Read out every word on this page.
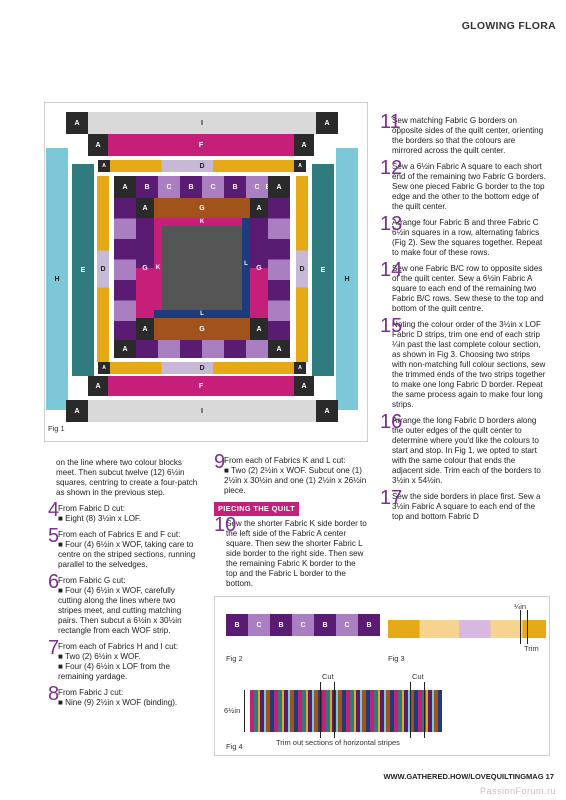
GLOWING FLORA
Fig 1
A	I	A
A	F	A
A	D	A
H
E	D	D	E
H
A	B	C	B	C	B	C	A
A	G	A
G	G
K
K
L
L
A	G	A
A	A
A	D	A
A	F	A
A	I	A
on the line where two colour blocks meet. Then subcut twelve (12) 6½in squares, centring to create a four-patch as shown in the previous step.
4
From Fabric D cut:
■ Eight (8) 3½in x LOF.
5
From each of Fabrics E and F cut:
■ Four (4) 6½in x WOF, taking care to centre on the striped sections, running parallel to the selvedges.
6
From Fabric G cut:
■ Four (4) 6½in x WOF, carefully cutting along the lines where two stripes meet, and cutting matching pairs. Then subcut a 6½in x 30½in rectangle from each WOF strip.
7
From each of Fabrics H and I cut:
■ Two (2) 6½in x WOF.
■ Four (4) 6½in x LOF from the remaining yardage.
8
From Fabric J cut:
■ Nine (9) 2½in x WOF (binding).
9
From each of Fabrics K and L cut:
■ Two (2) 2½in x WOF. Subcut one (1) 2½in x 30½in and one (1) 2½in x 26½in piece.
PIECING THE QUILT
10
Sew the shorter Fabric K side border to the left side of the Fabric A center square. Then sew the shorter Fabric L side border to the right side. Then sew the remaining Fabric K border to the top and the Fabric L border to the bottom.
11
Sew matching Fabric G borders on opposite sides of the quilt center, orienting the borders so that the colours are mirrored across the quilt center.
12
Sew a 6½in Fabric A square to each short end of the remaining two Fabric G borders. Sew one pieced Fabric G border to the top edge and the other to the bottom edge of the quilt center.
13
Arrange four Fabric B and three Fabric C 6½in squares in a row, alternating fabrics (Fig 2). Sew the squares together. Repeat to make four of these rows.
14
Sew one Fabric B/C row to opposite sides of the quilt center. Sew a 6½in Fabric A square to each end of the remaining two Fabric B/C rows. Sew these to the top and bottom of the quilt centre.
15
Noting the colour order of the 3½in x LOF Fabric D strips, trim one end of each strip ¼in past the last complete colour section, as shown in Fig 3. Choosing two strips with non-matching full colour sections, sew the trimmed ends of the two strips together to make one long Fabric D border. Repeat the same process again to make four long strips.
16
Arrange the long Fabric D borders along the outer edges of the quilt center to determine where you'd like the colours to start and stop. In Fig 1, we opted to start with the same colour that ends the adjacent side. Trim each of the borders to 3½in x 54½in.
17
Sew the side borders in place first. Sew a 3½in Fabric A square to each end of the top and bottom Fabric D
B	C	B	C	B	C	B
Fig 2
¼in
Trim
Fig 3
Cut	Cut
6½in
Trim out sections of horizontal stripes
Fig 4
WWW.GATHERED.HOW/LOVEQUILTINGMAG 17
PassionForum.ru
